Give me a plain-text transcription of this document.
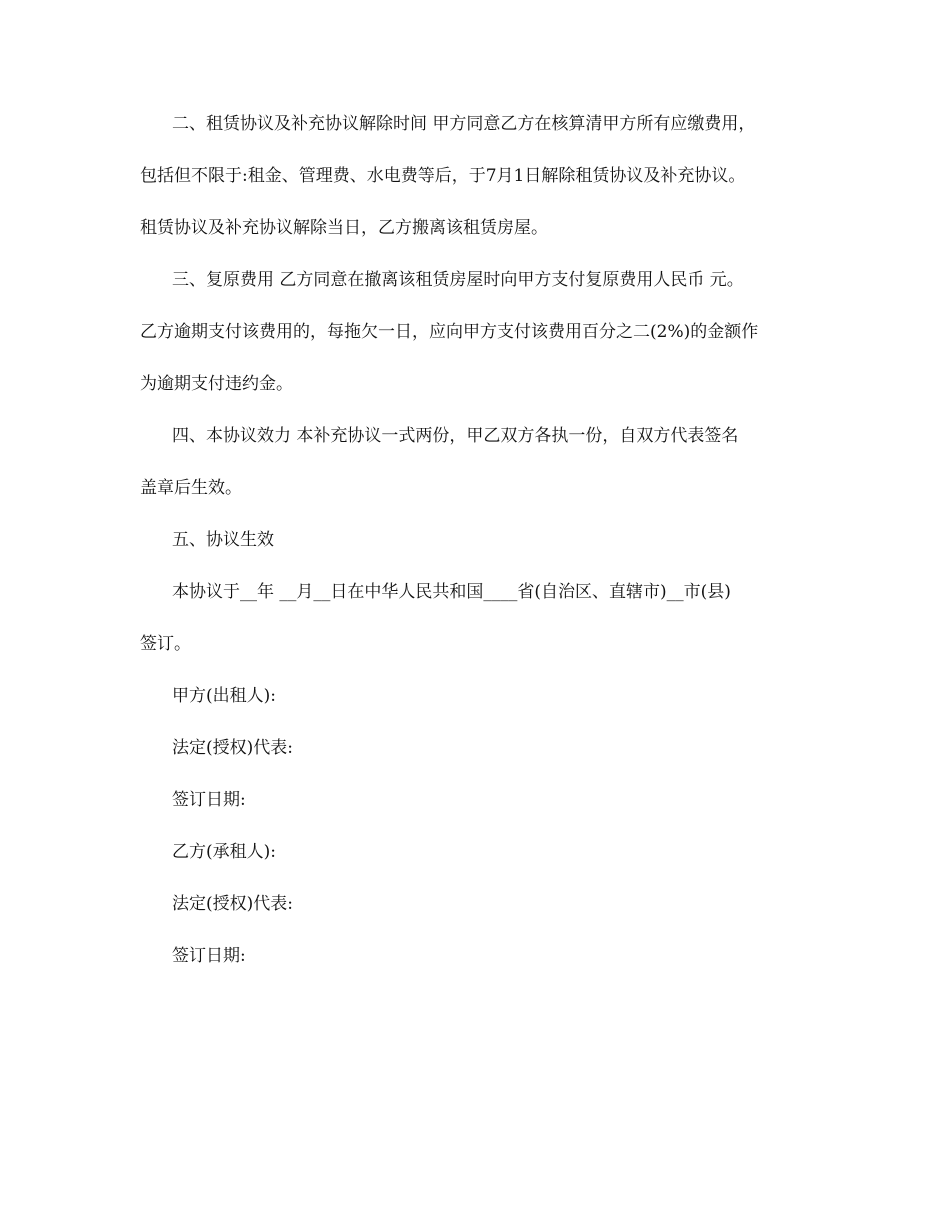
二、租赁协议及补充协议解除时间 甲方同意乙方在核算清甲方所有应缴费用，
包括但不限于:租金、管理费、水电费等后，于7月1日解除租赁协议及补充协议。
租赁协议及补充协议解除当日，乙方搬离该租赁房屋。
三、复原费用 乙方同意在撤离该租赁房屋时向甲方支付复原费用人民币 元。
乙方逾期支付该费用的，每拖欠一日，应向甲方支付该费用百分之二(2%)的金额作
为逾期支付违约金。
四、本协议效力 本补充协议一式两份，甲乙双方各执一份，自双方代表签名
盖章后生效。
五、协议生效
本协议于__年 __月__日在中华人民共和国____省(自治区、直辖市)__市(县)
签订。
甲方(出租人):
法定(授权)代表:
签订日期:
乙方(承租人):
法定(授权)代表:
签订日期:
